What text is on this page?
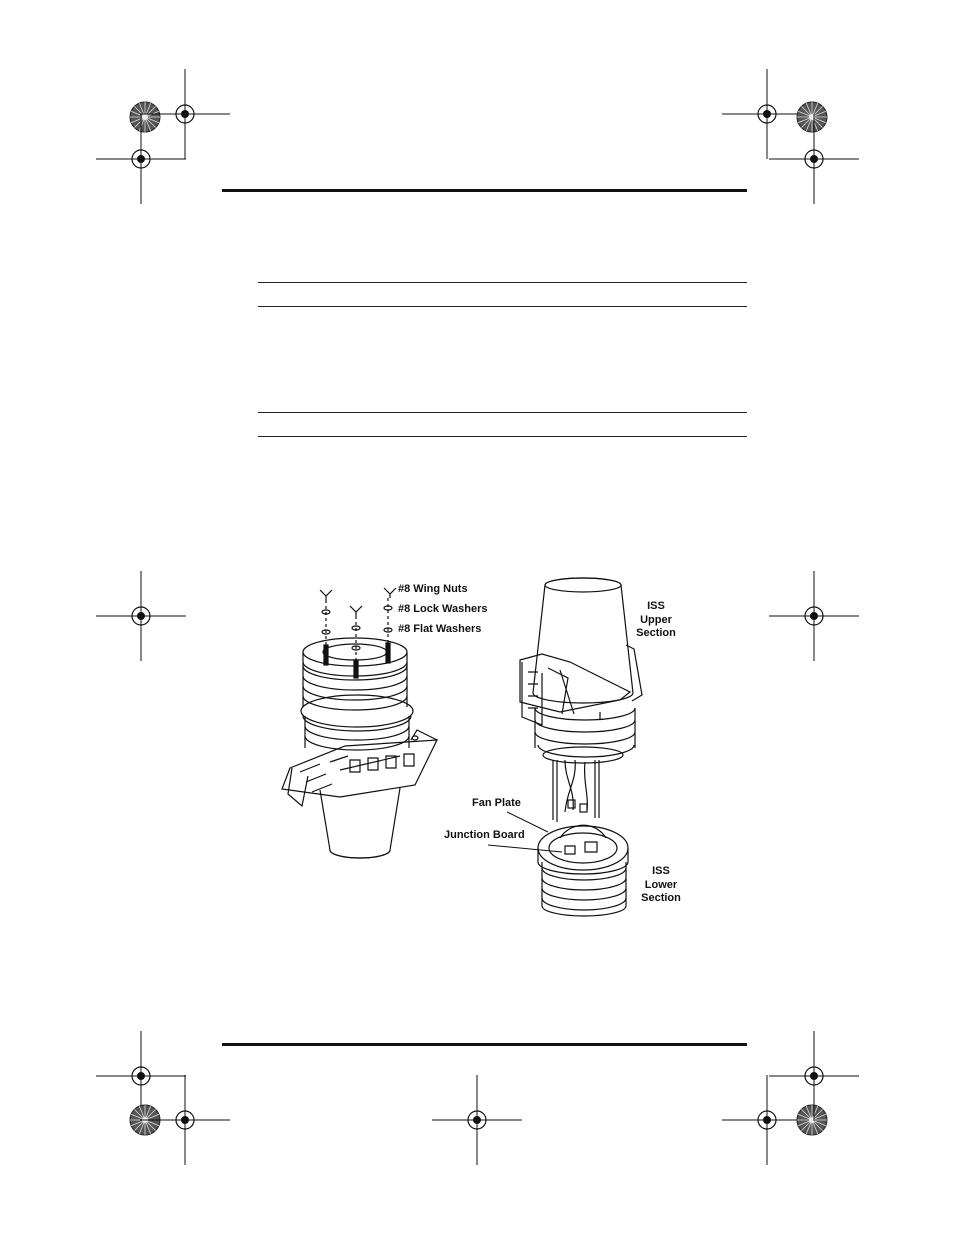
#8 Wing Nuts
#8 Lock Washers
#8 Flat Washers
ISS
Upper
Section
Fan Plate
Junction Board
ISS
Lower
Section
